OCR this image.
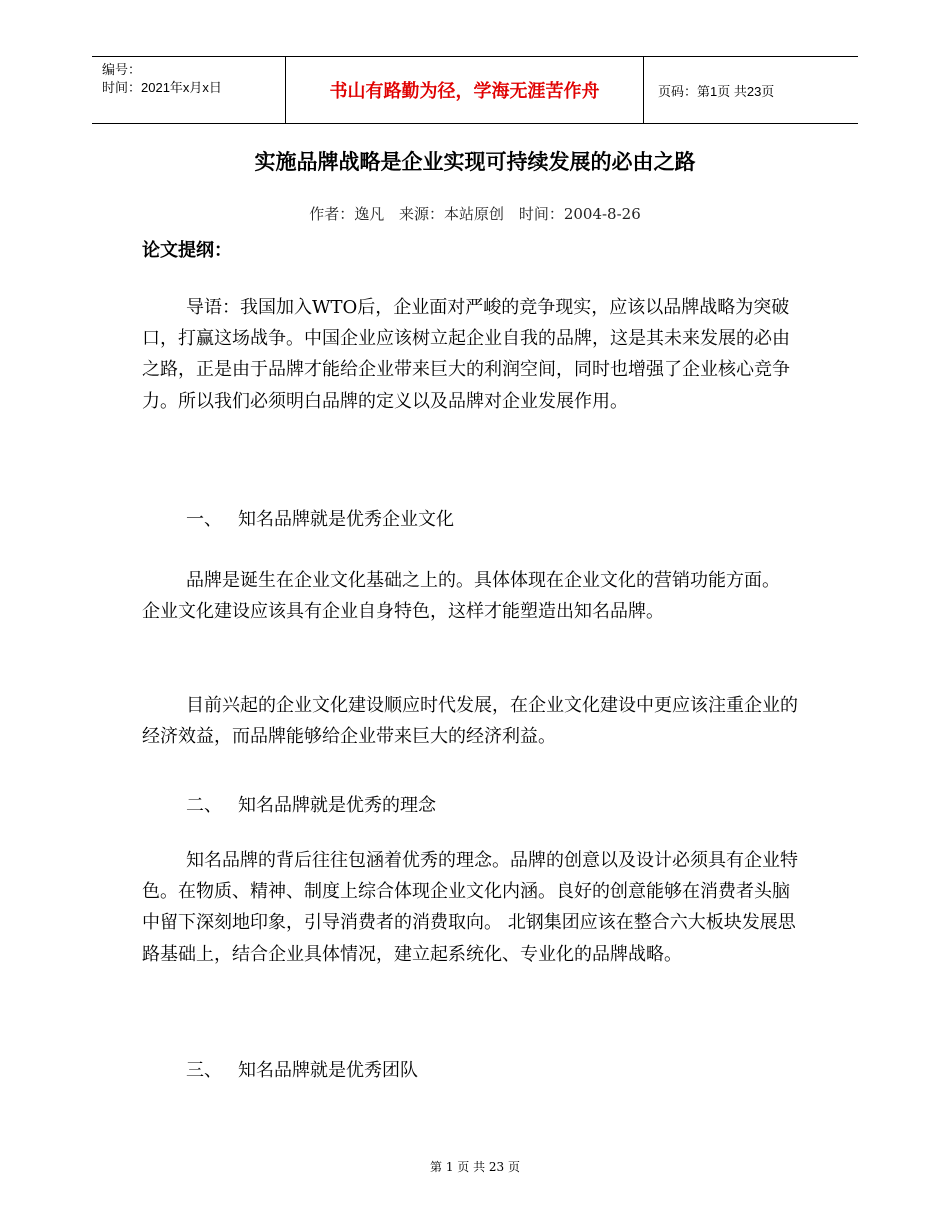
编号：
时间：2021年x月x日	书山有路勤为径，学海无涯苦作舟	页码：第1页 共23页
实施品牌战略是企业实现可持续发展的必由之路
作者：逸凡 来源：本站原创 时间：2004-8-26
论文提纲：

导语：我国加入WTO后，企业面对严峻的竞争现实，应该以品牌战略为突破口，打赢这场战争。中国企业应该树立起企业自我的品牌，这是其未来发展的必由之路，正是由于品牌才能给企业带来巨大的利润空间，同时也增强了企业核心竞争力。所以我们必须明白品牌的定义以及品牌对企业发展作用。

一、 知名品牌就是优秀企业文化

品牌是诞生在企业文化基础之上的。具体体现在企业文化的营销功能方面。 企业文化建设应该具有企业自身特色，这样才能塑造出知名品牌。

目前兴起的企业文化建设顺应时代发展，在企业文化建设中更应该注重企业的经济效益，而品牌能够给企业带来巨大的经济利益。

二、 知名品牌就是优秀的理念

知名品牌的背后往往包涵着优秀的理念。品牌的创意以及设计必须具有企业特色。在物质、精神、制度上综合体现企业文化内涵。良好的创意能够在消费者头脑中留下深刻地印象，引导消费者的消费取向。 北钢集团应该在整合六大板块发展思路基础上，结合企业具体情况，建立起系统化、专业化的品牌战略。

三、 知名品牌就是优秀团队
第 1 页 共 23 页
